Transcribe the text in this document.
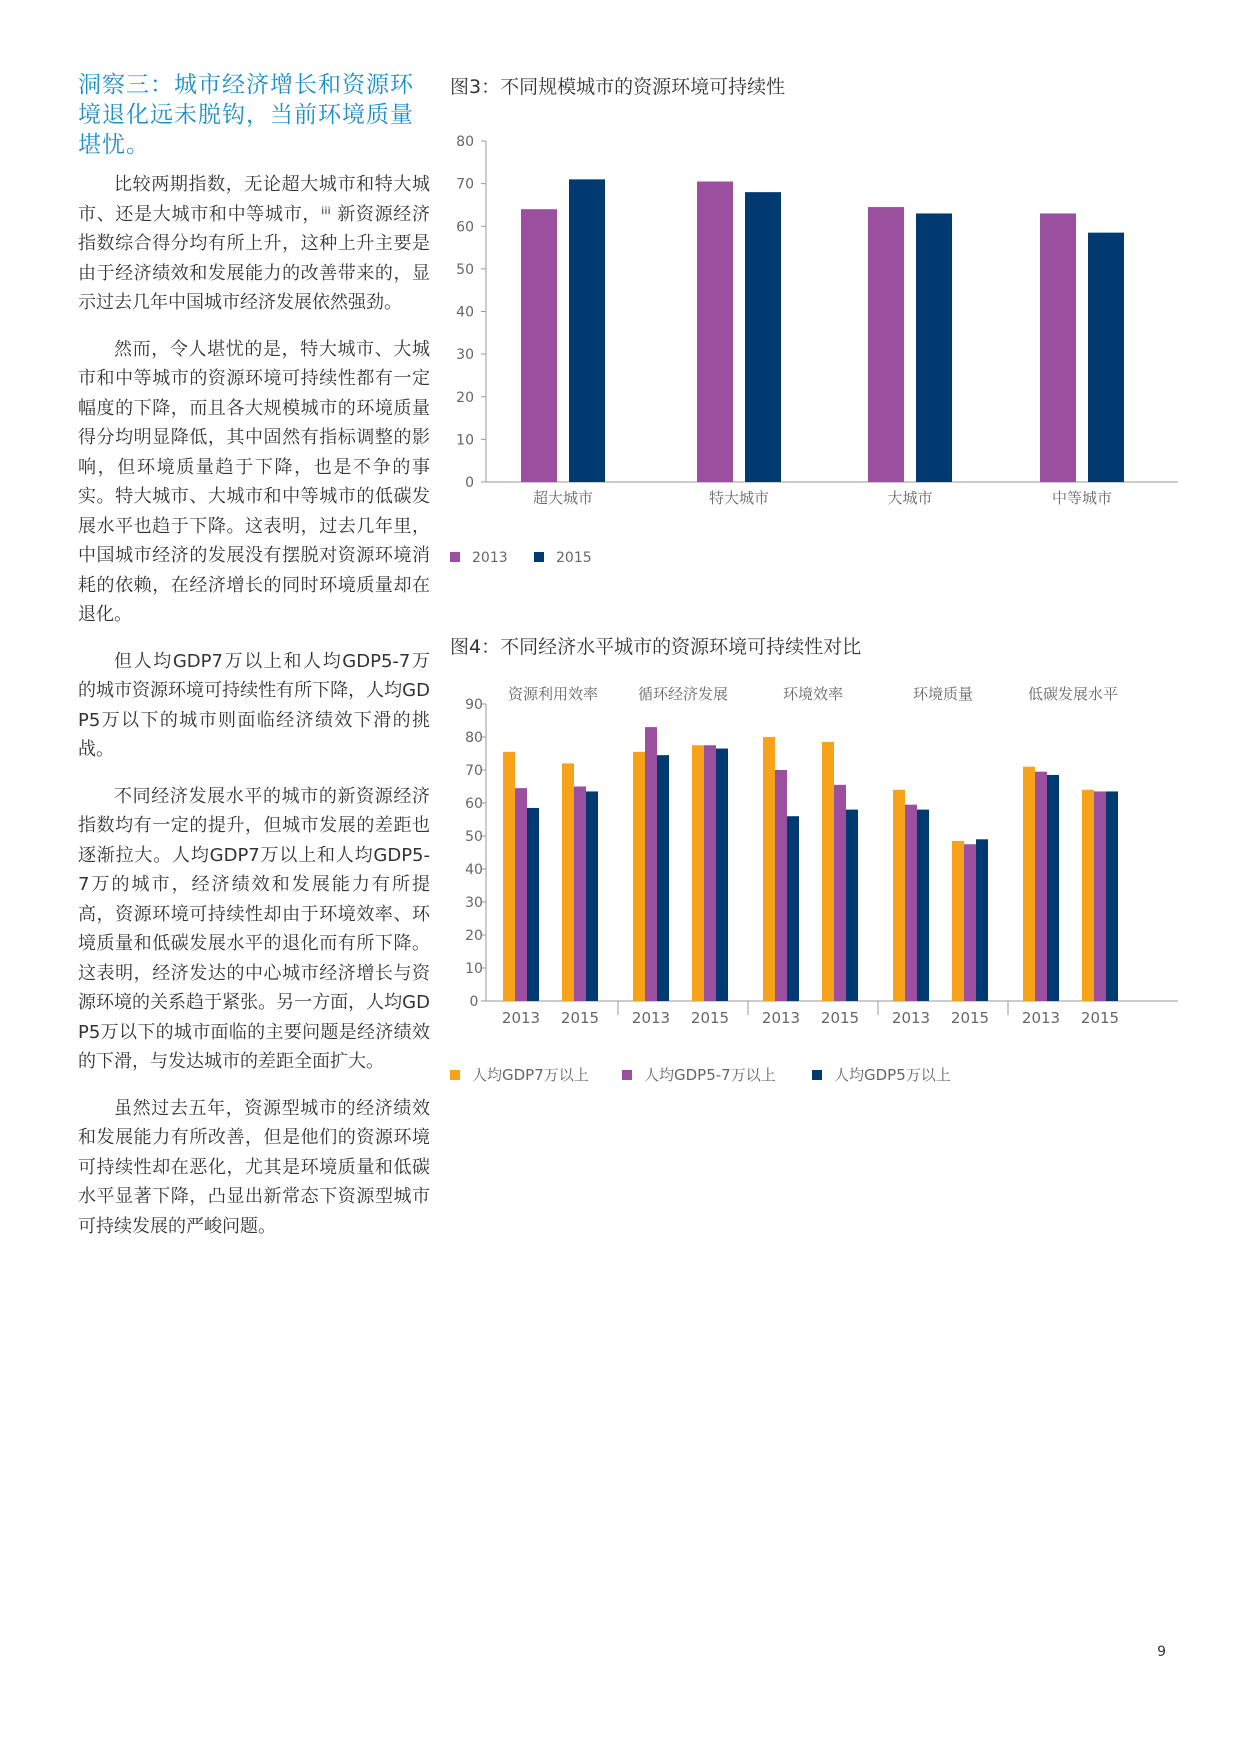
洞察三：城市经济增长和资源环境退化远未脱钩，当前环境质量堪忧。

比较两期指数，无论超大城市和特大城市、还是大城市和中等城市，ⁱⁱⁱ 新资源经济指数综合得分均有所上升，这种上升主要是由于经济绩效和发展能力的改善带来的，显示过去几年中国城市经济发展依然强劲。

然而，令人堪忧的是，特大城市、大城市和中等城市的资源环境可持续性都有一定幅度的下降，而且各大规模城市的环境质量得分均明显降低，其中固然有指标调整的影响，但环境质量趋于下降，也是不争的事实。特大城市、大城市和中等城市的低碳发展水平也趋于下降。这表明，过去几年里，中国城市经济的发展没有摆脱对资源环境消耗的依赖，在经济增长的同时环境质量却在退化。

但人均GDP7万以上和人均GDP5-7万的城市资源环境可持续性有所下降，人均GDP5万以下的城市则面临经济绩效下滑的挑战。

不同经济发展水平的城市的新资源经济指数均有一定的提升，但城市发展的差距也逐渐拉大。人均GDP7万以上和人均GDP5-7万的城市，经济绩效和发展能力有所提高，资源环境可持续性却由于环境效率、环境质量和低碳发展水平的退化而有所下降。这表明，经济发达的中心城市经济增长与资源环境的关系趋于紧张。另一方面，人均GDP5万以下的城市面临的主要问题是经济绩效的下滑，与发达城市的差距全面扩大。

虽然过去五年，资源型城市的经济绩效和发展能力有所改善，但是他们的资源环境可持续性却在恶化，尤其是环境质量和低碳水平显著下降，凸显出新常态下资源型城市可持续发展的严峻问题。

图3：不同规模城市的资源环境可持续性
0
10
20
30
40
50
60
70
80
超大城市	特大城市	大城市	中等城市
2013	2015
图4：不同经济水平城市的资源环境可持续性对比
0
10
20
30
40
50
60
70
80
90
资源利用效率
2013 2015
循环经济发展
2013 2015
环境效率
2013 2015
环境质量
2013 2015
低碳发展水平
2013 2015
人均GDP7万以上	人均GDP5-7万以上	人均GDP5万以上
9
